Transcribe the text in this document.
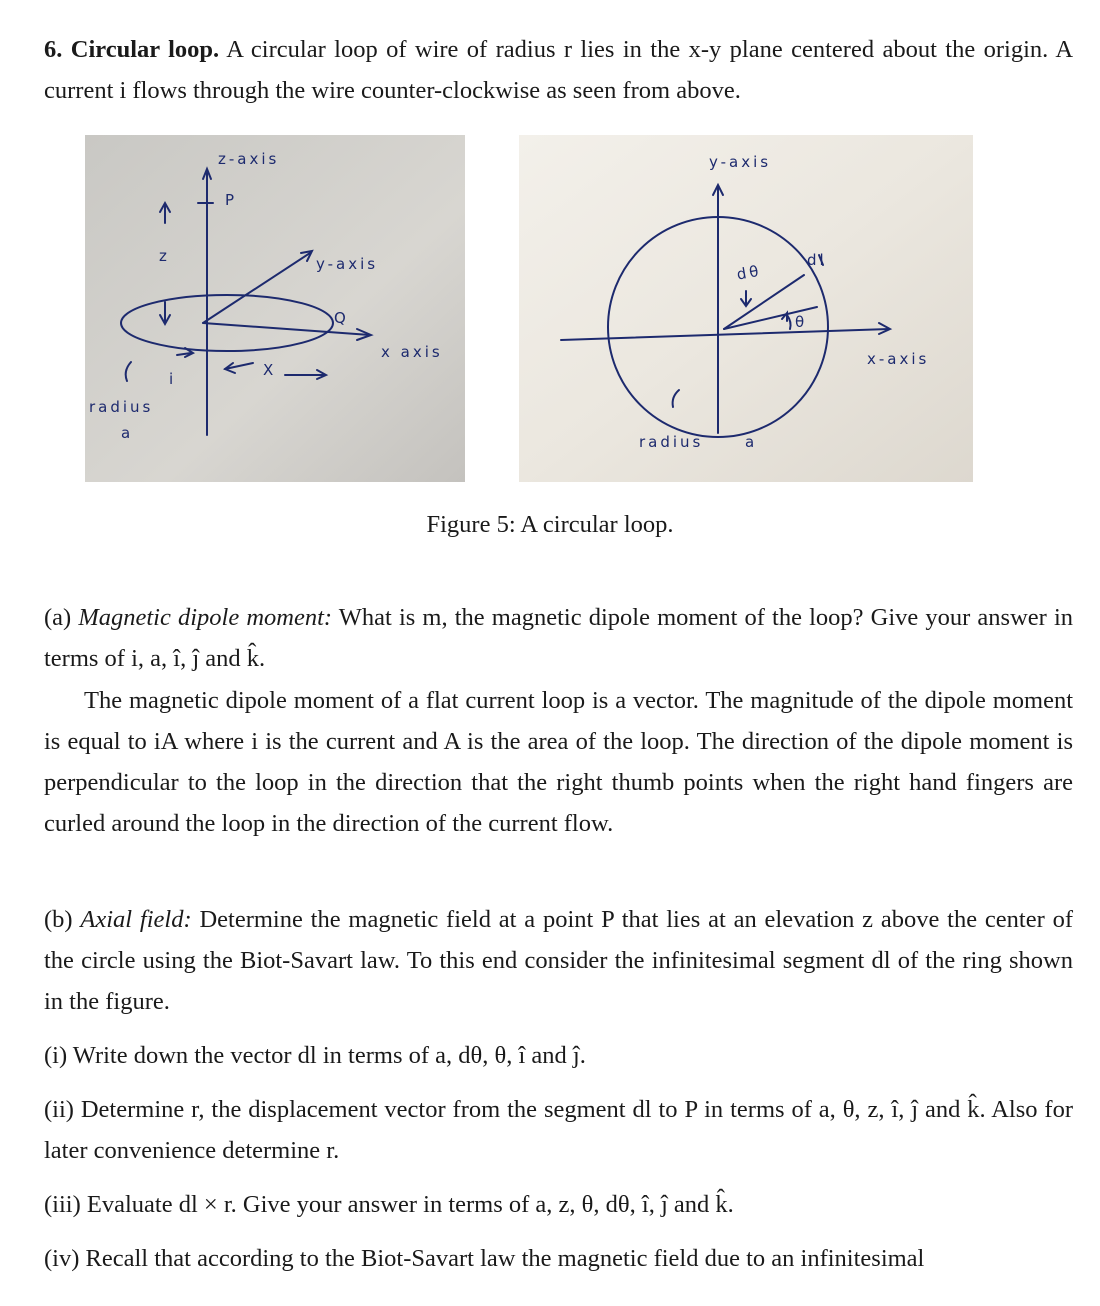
6. Circular loop. A circular loop of wire of radius r lies in the x-y plane centered about the origin. A current i flows through the wire counter-clockwise as seen from above.
z-axis
P
z	y-axis
Q
x axis
i	X
radius
a
y-axis
dθ
dl
θ
x-axis
radius	a
Figure 5: A circular loop.
(a) Magnetic dipole moment: What is m, the magnetic dipole moment of the loop? Give your answer in terms of i, a, î, ĵ and k̂.
The magnetic dipole moment of a flat current loop is a vector. The magnitude of the dipole moment is equal to iA where i is the current and A is the area of the loop. The direction of the dipole moment is perpendicular to the loop in the direction that the right thumb points when the right hand fingers are curled around the loop in the direction of the current flow.
(b) Axial field: Determine the magnetic field at a point P that lies at an elevation z above the center of the circle using the Biot-Savart law. To this end consider the infinitesimal segment dl of the ring shown in the figure.
(i) Write down the vector dl in terms of a, dθ, θ, î and ĵ.
(ii) Determine r, the displacement vector from the segment dl to P in terms of a, θ, z, î, ĵ and k̂. Also for later convenience determine r.
(iii) Evaluate dl × r. Give your answer in terms of a, z, θ, dθ, î, ĵ and k̂.
(iv) Recall that according to the Biot-Savart law the magnetic field due to an infinitesimal
